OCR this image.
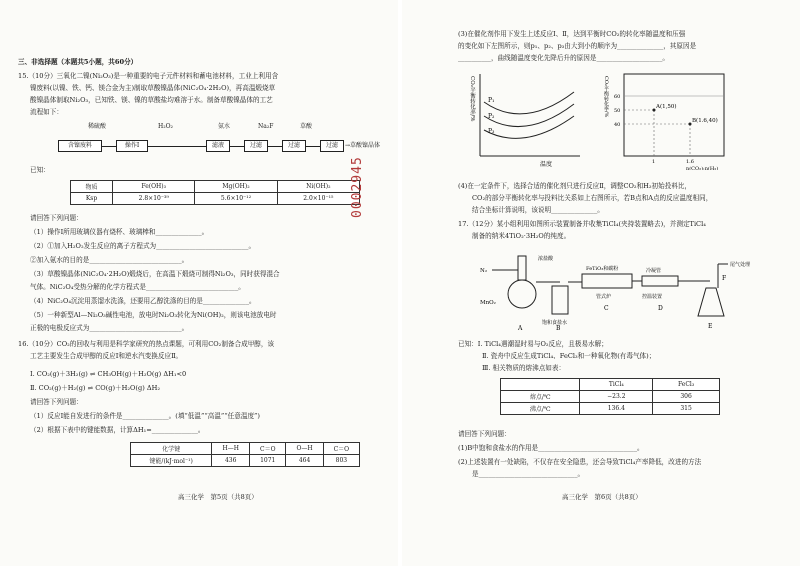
三、非选择题（本题共5小题，共60分）
15.（10分）三氧化二镍(Ni₂O₃)是一种重要的电子元件材料和蓄电池材料，工业上利用含
镍废料(以镍、铁、钙、镁合金为主)制取草酸镍晶体(NiC₂O₄·2H₂O)，再高温煅烧草
酸镍晶体制取Ni₂O₃，已知铁、镁、镍的草酸盐均难溶于水。制备草酸镍晶体的工艺
流程如下：
稀硫酸	H₂O₂	氨水	Na₂F	草酸
含镍废料	操作Ⅰ	滤液	过滤	过滤	过滤	→草酸镍晶体
已知：
物质	Fe(OH)₃	Mg(OH)₂	Ni(OH)₂
Ksp	2.8×10⁻³⁹	5.6×10⁻¹²	2.0×10⁻¹⁵
请回答下列问题：
（1）操作Ⅰ所用玻璃仪器有烧杯、玻璃棒和______________。
（2）①加入H₂O₂发生反应的离子方程式为____________________________。
②加入氨水的目的是____________________________。
（3）草酸镍晶体(NiC₂O₄·2H₂O)煅烧后，在高温下煅烧可制得Ni₂O₃，同时获得混合
气体。NiC₂O₄受热分解的化学方程式是____________________________。
（4）NiC₂O₄沉淀用蒸馏水洗涤，还要用乙醇洗涤的目的是______________。
（5）一种新型Al—Ni₂O₃碱性电池，放电时Ni₂O₃转化为Ni(OH)₂，则该电池放电时
正极的电极反应式为____________________________。
16.（10分）CO₂的回收与利用是科学家研究的热点课题，可利用CO₂制备合成甲醇，该
工艺主要发生合成甲醇的反应Ⅰ和逆水汽变换反应Ⅱ。
Ⅰ. CO₂(g)＋3H₂(g) ⇌ CH₃OH(g)＋H₂O(g) ΔH₁<0
Ⅱ. CO₂(g)＋H₂(g) ⇌ CO(g)＋H₂O(g) ΔH₂
请回答下列问题：
（1）反应Ⅰ能自发进行的条件是______________。(填“低温”“高温”“任意温度”)
（2）根据下表中的键能数据，计算ΔH₁=______________。
化学键	H—H	C＝O	O—H	C＝O
键能/(kJ·mol⁻¹)	436	1071	464	803
高三化学　第5页（共8页）
0002945
(3)在催化剂作用下发生上述反应Ⅰ、Ⅱ，达到平衡时CO₂的转化率随温度和压强
的变化如下左图所示，则p₁、p₂、p₃由大到小的顺序为______________，其原因是
__________，曲线随温度变化先降后升的原因是____________________。
P₁
P₂
P₃
温度
CO₂平衡转化率/%	A(1,50)
B(1.6,40)
60
50
40
1	1.6
n(CO₂):n(H₂)
CO₂平衡转化率/%
(4)在一定条件下，选择合适的催化剂只进行反应Ⅱ，调整CO₂和H₂初始投料比，
CO₂的部分平衡转化率与投料比关系如上右图所示，若B点和A点的反应温度相同，
结合坐标计算说明，该说明______________。
17.（12分）某小组利用如图所示装置制备并收集TiCl₄(夹持装置略去)，并测定TiCl₄
制备的纳米4TiO₂·3H₂O的纯度。
N₂
MnO₂
浓盐酸
饱和食盐水
FeTiO₃和碳粉
管式炉
冷凝管
控温装置
尾气处理
A	B
C	D
E
F
已知：Ⅰ. TiCl₄遇潮湿时易与O₂反应，且极易水解；
Ⅱ. 瓷舟中反应生成TiCl₄、FeCl₃和一种氧化物(有毒气体)；
Ⅲ. 相关物质的熔沸点如表：
	TiCl₄	FeCl₃
熔点/℃	−23.2	306
沸点/℃	136.4	315
请回答下列问题：
(1)B中饱和食盐水的作用是______________________________。
(2)上述装置有一处缺陷，不仅存在安全隐患，还会导致TiCl₄产率降低，改进的方法
是______________________________。
高三化学　第6页（共8页）
